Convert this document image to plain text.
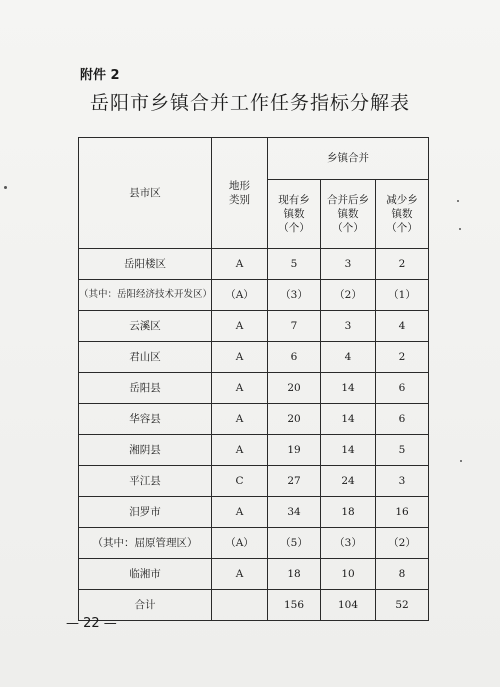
附件 2
岳阳市乡镇合并工作任务指标分解表
县市区	地形类别	乡镇合并		

		现有乡镇数（个）	合并后乡镇数（个）	减少乡镇数（个）

岳阳楼区	A	5	3	2
（其中：岳阳经济技术开发区）	（A）	（3）	（2）	（1）
云溪区	A	7	3	4
君山区	A	6	4	2
岳阳县	A	20	14	6
华容县	A	20	14	6
湘阴县	A	19	14	5
平江县	C	27	24	3
汨罗市	A	34	18	16
（其中：屈原管理区）	（A）	（5）	（3）	（2）
临湘市	A	18	10	8
合计		156	104	52
— 22 —
